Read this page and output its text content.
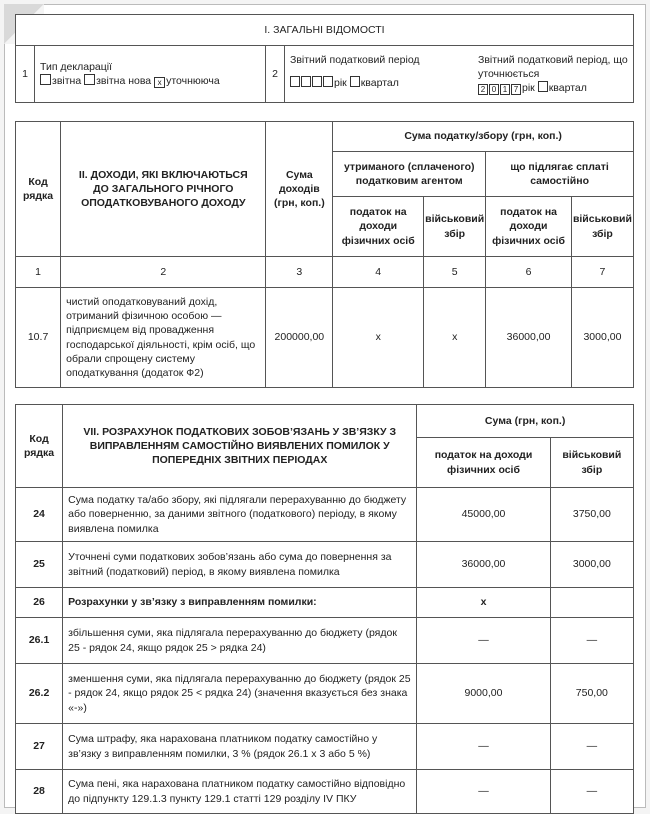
I. ЗАГАЛЬНІ ВІДОМОСТІ
1	
Тип декларації
звітна звітна нова x уточнююча
	2	
Звітний податковий період
рік квартал
Звітний податковий період, що уточнюється
2 0 1 7 рік квартал
Код рядка	II. ДОХОДИ, ЯКІ ВКЛЮЧАЮТЬСЯ ДО ЗАГАЛЬНОГО РІЧНОГО ОПОДАТКОВУВАНОГО ДОХОДУ	Сума доходів (грн, коп.)	Сума податку/збору (грн, коп.)			
			утриманого (сплаченого) податковим агентом		що підлягає сплаті самостійно	
			податок на доходи фізичних осіб	військовий збір	податок на доходи фізичних осіб	військовий збір
1	2	3	4	5	6	7
10.7	чистий оподатковуваний дохід, отриманий фізичною особою — підприємцем від провадження господарської діяльності, крім осіб, що обрали спрощену систему оподаткування (додаток Ф2)	200000,00	х	х	36000,00	3000,00
Код рядка	VII. РОЗРАХУНОК ПОДАТКОВИХ ЗОБОВ’ЯЗАНЬ У ЗВ’ЯЗКУ З ВИПРАВЛЕННЯМ САМОСТІЙНО ВИЯВЛЕНИХ ПОМИЛОК У ПОПЕРЕДНІХ ЗВІТНИХ ПЕРІОДАХ	Сума (грн, коп.)	
		податок на доходи фізичних осіб	військовий збір
24	Сума податку та/або збору, які підлягали перерахуванню до бюджету або поверненню, за даними звітного (податкового) періоду, в якому виявлена помилка	45000,00	3750,00
25	Уточнені суми податкових зобов’язань або сума до повернення за звітний (податковий) період, в якому виявлена помилка	36000,00	3000,00
26	Розрахунки у зв’язку з виправленням помилки:	х	
26.1	збільшення суми, яка підлягала перерахуванню до бюджету (рядок 25 - рядок 24, якщо рядок 25 > рядка 24)	—	—
26.2	зменшення суми, яка підлягала перерахуванню до бюджету (рядок 25 - рядок 24, якщо рядок 25 < рядка 24) (значення вказується без знака «-»)	9000,00	750,00
27	Сума штрафу, яка нарахована платником податку самостійно у зв’язку з виправленням помилки, 3 % (рядок 26.1 х 3 або 5 %)	—	—
28	Сума пені, яка нарахована платником податку самостійно відповідно до підпункту 129.1.3 пункту 129.1 статті 129 розділу IV ПКУ	—	—
